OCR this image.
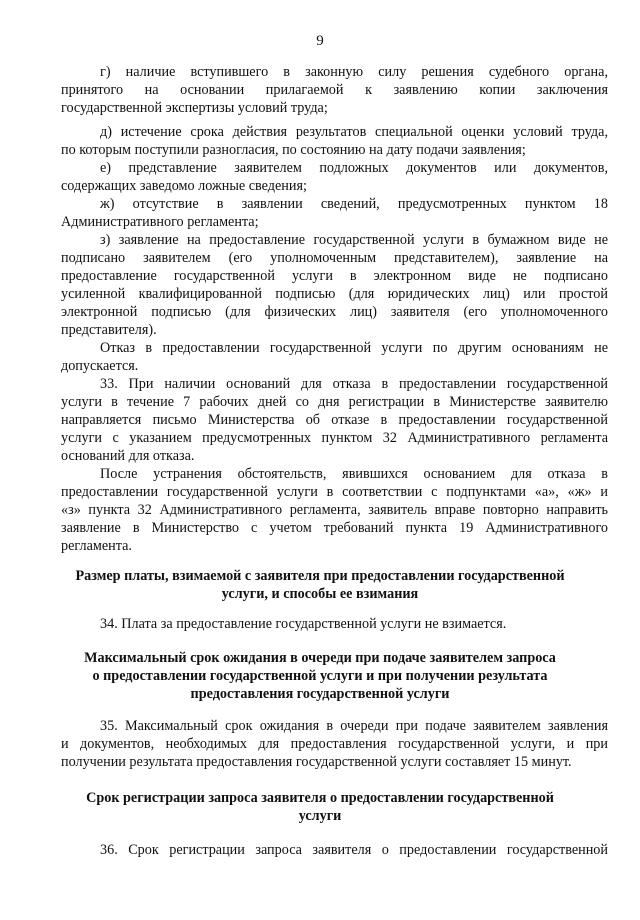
9
г) наличие вступившего в законную силу решения судебного органа,
принятого на основании прилагаемой к заявлению копии заключения
государственной экспертизы условий труда;
д) истечение срока действия результатов специальной оценки условий труда,
по которым поступили разногласия, по состоянию на дату подачи заявления;
е) представление заявителем подложных документов или документов,
содержащих заведомо ложные сведения;
ж) отсутствие в заявлении сведений, предусмотренных пунктом 18
Административного регламента;
з) заявление на предоставление государственной услуги в бумажном виде не
подписано заявителем (его уполномоченным представителем), заявление на
предоставление государственной услуги в электронном виде не подписано
усиленной квалифицированной подписью (для юридических лиц) или простой
электронной подписью (для физических лиц) заявителя (его уполномоченного
представителя).
Отказ в предоставлении государственной услуги по другим основаниям не
допускается.
33. При наличии оснований для отказа в предоставлении государственной
услуги в течение 7 рабочих дней со дня регистрации в Министерстве заявителю
направляется письмо Министерства об отказе в предоставлении государственной
услуги с указанием предусмотренных пунктом 32 Административного регламента
оснований для отказа.
После устранения обстоятельств, явившихся основанием для отказа в
предоставлении государственной услуги в соответствии с подпунктами «а», «ж» и
«з» пункта 32 Административного регламента, заявитель вправе повторно направить
заявление в Министерство с учетом требований пункта 19 Административного
регламента.
Размер платы, взимаемой с заявителя при предоставлении государственной
услуги, и способы ее взимания
34. Плата за предоставление государственной услуги не взимается.
Максимальный срок ожидания в очереди при подаче заявителем запроса
о предоставлении государственной услуги и при получении результата
предоставления государственной услуги
35. Максимальный срок ожидания в очереди при подаче заявителем заявления
и документов, необходимых для предоставления государственной услуги, и при
получении результата предоставления государственной услуги составляет 15 минут.
Срок регистрации запроса заявителя о предоставлении государственной
услуги
36. Срок регистрации запроса заявителя о предоставлении государственной
